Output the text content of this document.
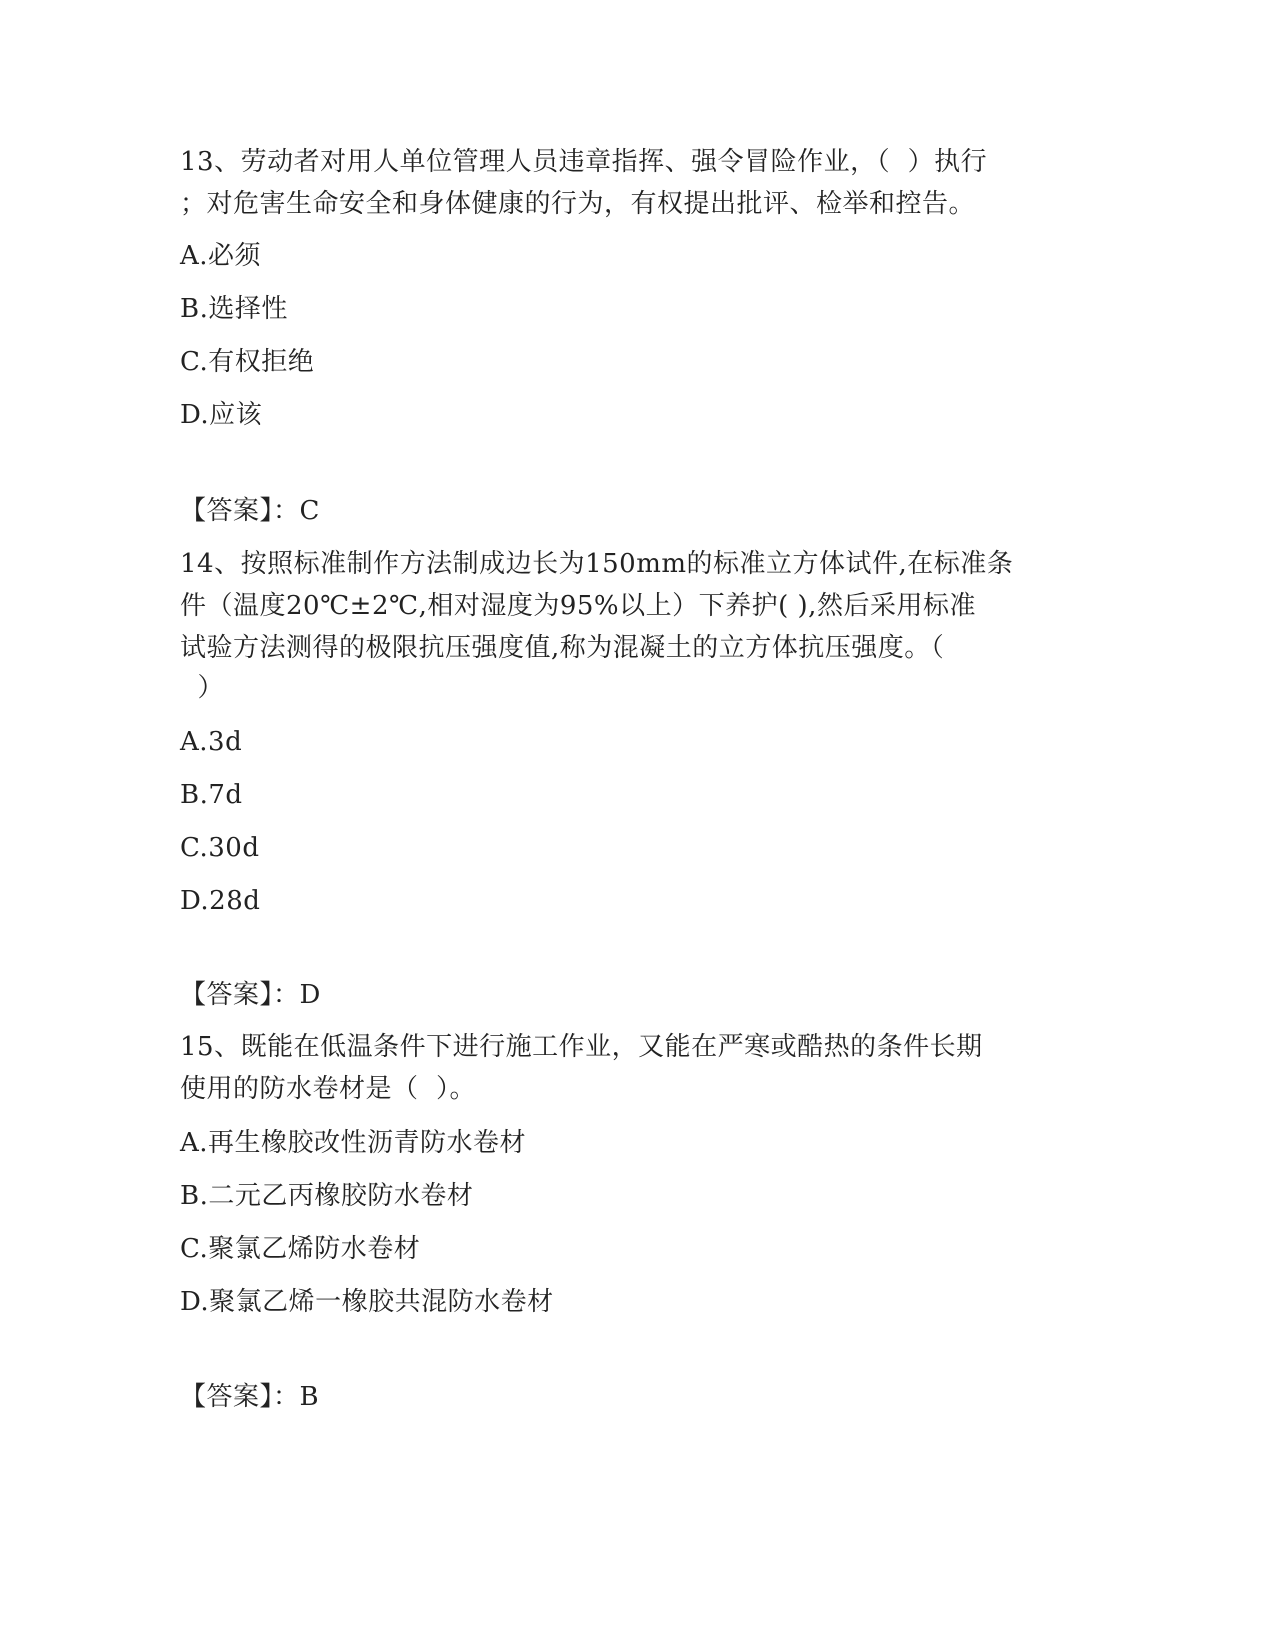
13、劳动者对用人单位管理人员违章指挥、强令冒险作业，（  ）执行
；对危害生命安全和身体健康的行为，有权提出批评、检举和控告。
A.必须
B.选择性
C.有权拒绝
D.应该
【答案】：C
14、按照标准制作方法制成边长为150mm的标准立方体试件,在标准条
件（温度20℃±2℃,相对湿度为95%以上）下养护( ),然后采用标准
试验方法测得的极限抗压强度值,称为混凝土的立方体抗压强度。（
）
A.3d
B.7d
C.30d
D.28d
【答案】：D
15、既能在低温条件下进行施工作业，又能在严寒或酷热的条件长期
使用的防水卷材是（  ）。
A.再生橡胶改性沥青防水卷材
B.二元乙丙橡胶防水卷材
C.聚氯乙烯防水卷材
D.聚氯乙烯一橡胶共混防水卷材
【答案】：B
